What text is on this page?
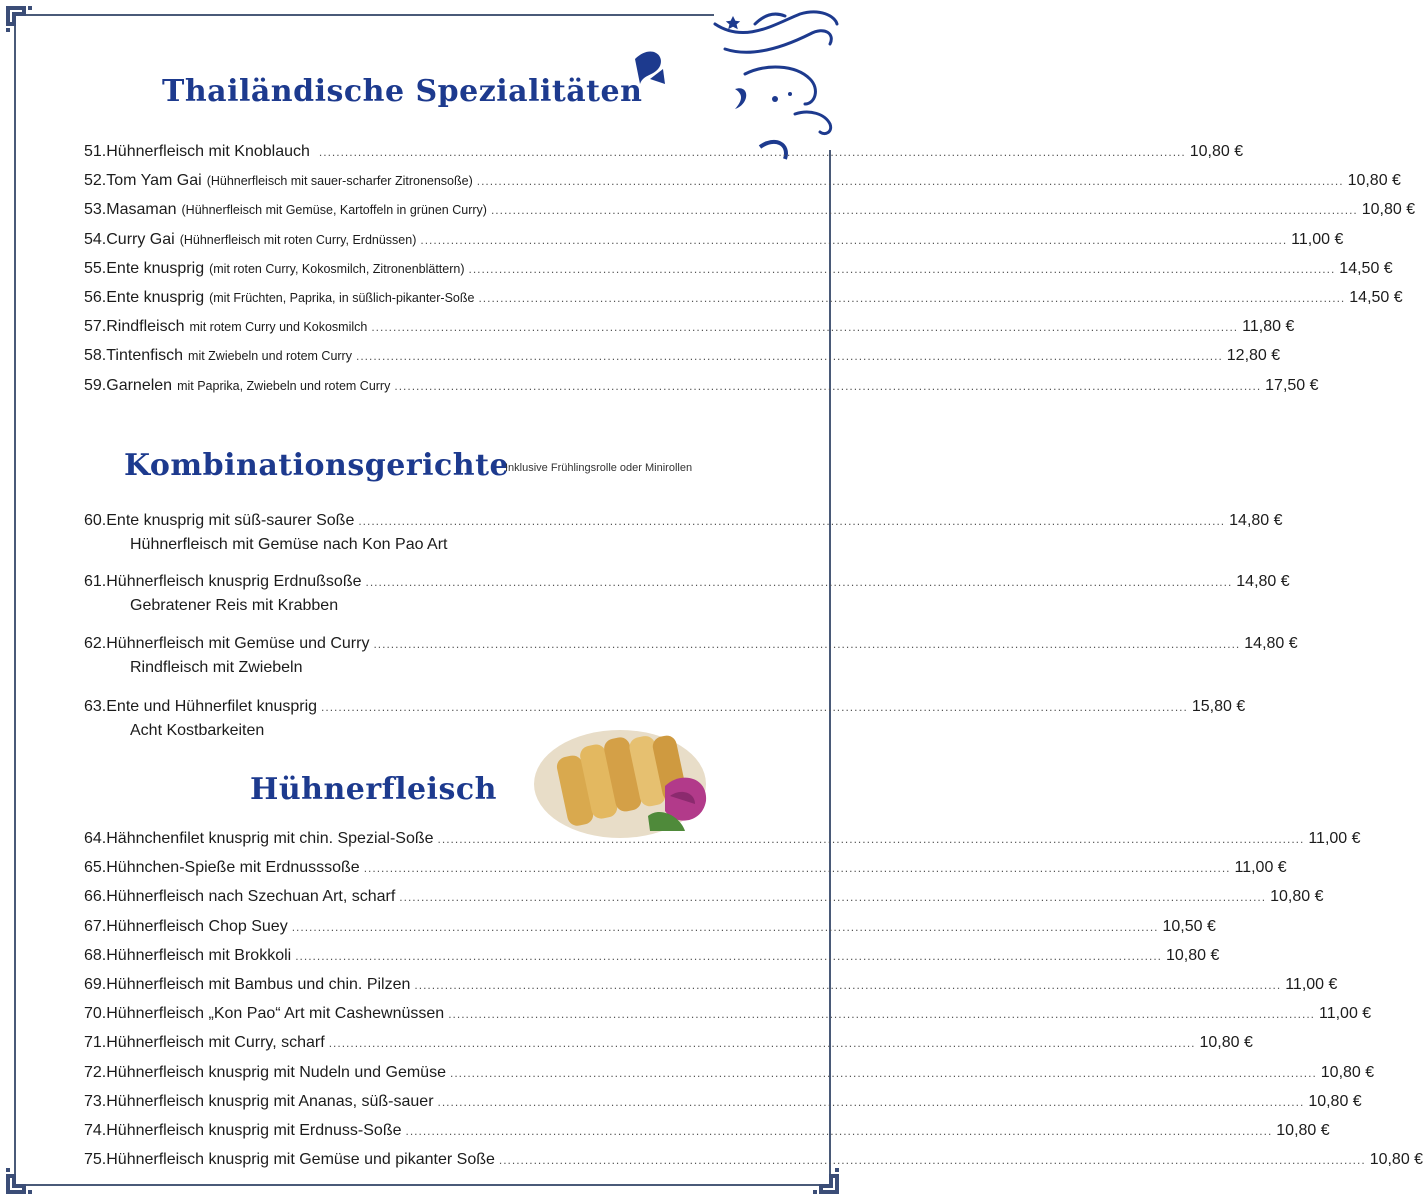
Thailändische Spezialitäten
51. Hühnerfleisch mit Knoblauch ........................................................................................................................................................................................................ 10,80 €
52. Tom Yam Gai (Hühnerfleisch mit sauer-scharfer Zitronensoße) ........................................................................................................................................................................................................ 10,80 €
53. Masaman (Hühnerfleisch mit Gemüse, Kartoffeln in grünen Curry) ........................................................................................................................................................................................................ 10,80 €
54. Curry Gai (Hühnerfleisch mit roten Curry, Erdnüssen) ........................................................................................................................................................................................................ 11,00 €
55. Ente knusprig (mit roten Curry, Kokosmilch, Zitronenblättern) ........................................................................................................................................................................................................ 14,50 €
56. Ente knusprig (mit Früchten, Paprika, in süßlich-pikanter-Soße ........................................................................................................................................................................................................ 14,50 €
57. Rindfleisch mit rotem Curry und Kokosmilch ........................................................................................................................................................................................................ 11,80 €
58. Tintenfisch mit Zwiebeln und rotem Curry ........................................................................................................................................................................................................ 12,80 €
59. Garnelen mit Paprika, Zwiebeln und rotem Curry ........................................................................................................................................................................................................ 17,50 €
Kombinationsgerichte
Inklusive Frühlingsrolle oder Minirollen
60. Ente knusprig mit süß-saurer Soße ........................................................................................................................................................................................................ 14,80 €
Hühnerfleisch mit Gemüse nach Kon Pao Art
61. Hühnerfleisch knusprig Erdnußsoße ........................................................................................................................................................................................................ 14,80 €
Gebratener Reis mit Krabben
62. Hühnerfleisch mit Gemüse und Curry ........................................................................................................................................................................................................ 14,80 €
Rindfleisch mit Zwiebeln
63. Ente und Hühnerfilet knusprig ........................................................................................................................................................................................................ 15,80 €
Acht Kostbarkeiten
Hühnerfleisch
64. Hähnchenfilet knusprig mit chin. Spezial-Soße ........................................................................................................................................................................................................ 11,00 €
65. Hühnchen-Spieße mit Erdnusssoße ........................................................................................................................................................................................................ 11,00 €
66. Hühnerfleisch nach Szechuan Art, scharf ........................................................................................................................................................................................................ 10,80 €
67. Hühnerfleisch Chop Suey ........................................................................................................................................................................................................ 10,50 €
68. Hühnerfleisch mit Brokkoli ........................................................................................................................................................................................................ 10,80 €
69. Hühnerfleisch mit Bambus und chin. Pilzen ........................................................................................................................................................................................................ 11,00 €
70. Hühnerfleisch „Kon Pao“ Art mit Cashewnüssen ........................................................................................................................................................................................................ 11,00 €
71. Hühnerfleisch mit Curry, scharf ........................................................................................................................................................................................................ 10,80 €
72. Hühnerfleisch knusprig mit Nudeln und Gemüse ........................................................................................................................................................................................................ 10,80 €
73. Hühnerfleisch knusprig mit Ananas, süß-sauer ........................................................................................................................................................................................................ 10,80 €
74. Hühnerfleisch knusprig mit Erdnuss-Soße ........................................................................................................................................................................................................ 10,80 €
75. Hühnerfleisch knusprig mit Gemüse und pikanter Soße ........................................................................................................................................................................................................ 10,80 €
